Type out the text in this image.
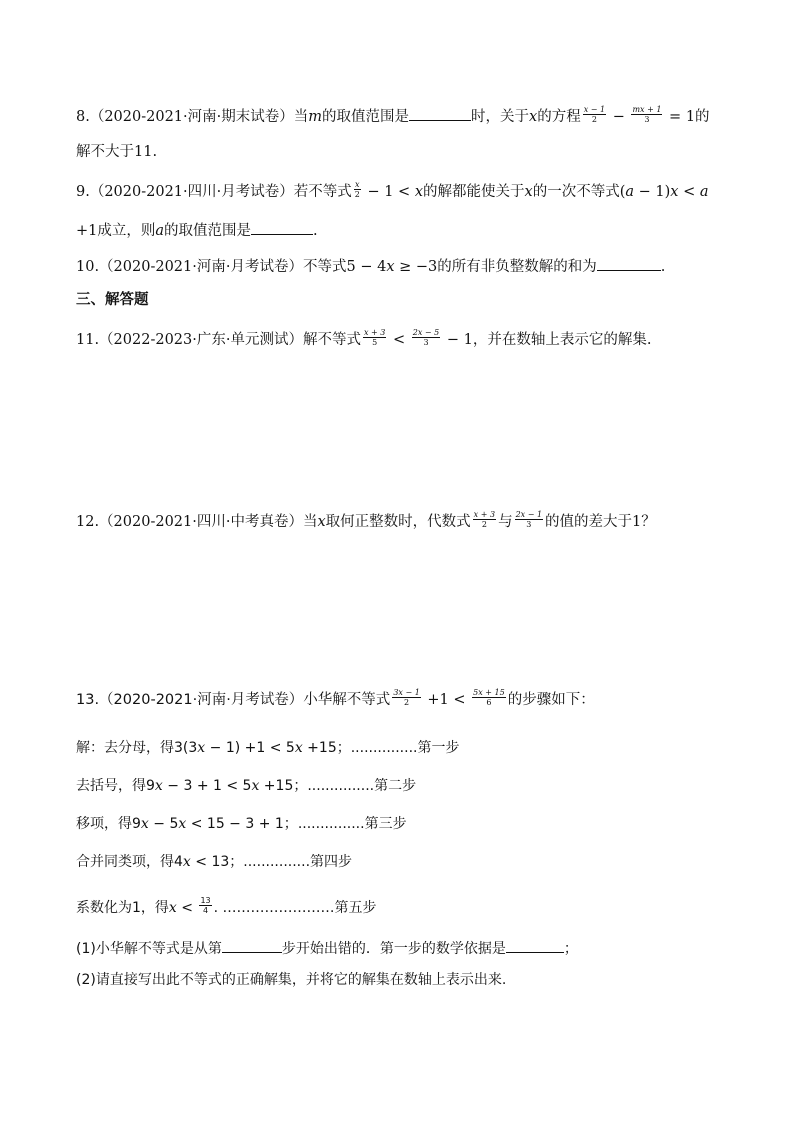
8.（2020-2021·河南·期末试卷）当m的取值范围是	时，关于x的方程 $\frac{x - 1}{2} - \frac{mx + 1}{3} = 1$的
解不大于11.
9.（2020-2021·四川·月考试卷）若不等式 $\frac{x}{2} - 1 < x$的解都能使关于x的一次不等式(a − 1)x < a
+1成立，则a的取值范围是	.
10.（2020-2021·河南·月考试卷）不等式5 − 4x ≥ −3的所有非负整数解的和为	.
三、解答题
11.（2022-2023·广东·单元测试）解不等式 $\frac{x + 3}{5} < \frac{2x - 5}{3} - 1$，并在数轴上表示它的解集.
12.（2020-2021·四川·中考真卷）当x取何正整数时，代数式 $\frac{x + 3}{2}$ 与 $\frac{2x - 1}{3}$ 的值的差大于1？
13.（2020-2021·河南·月考试卷）小华解不等式 $\frac{3x - 1}{2} +1 < \frac{5x + 15}{6}$ 的步骤如下：
解：去分母，得3(3x − 1) +1 < 5x +15；...............第一步
去括号，得9x − 3 + 1 < 5x +15；...............第二步
移项，得9x − 5x < 15 − 3 + 1；...............第三步
合并同类项，得4x < 13；...............第四步
系数化为1，得$x < \frac{13}{4}$ . ……………………第五步
(1)小华解不等式是从第	步开始出错的．第一步的数学依据是	；
(2)请直接写出此不等式的正确解集，并将它的解集在数轴上表示出来.
